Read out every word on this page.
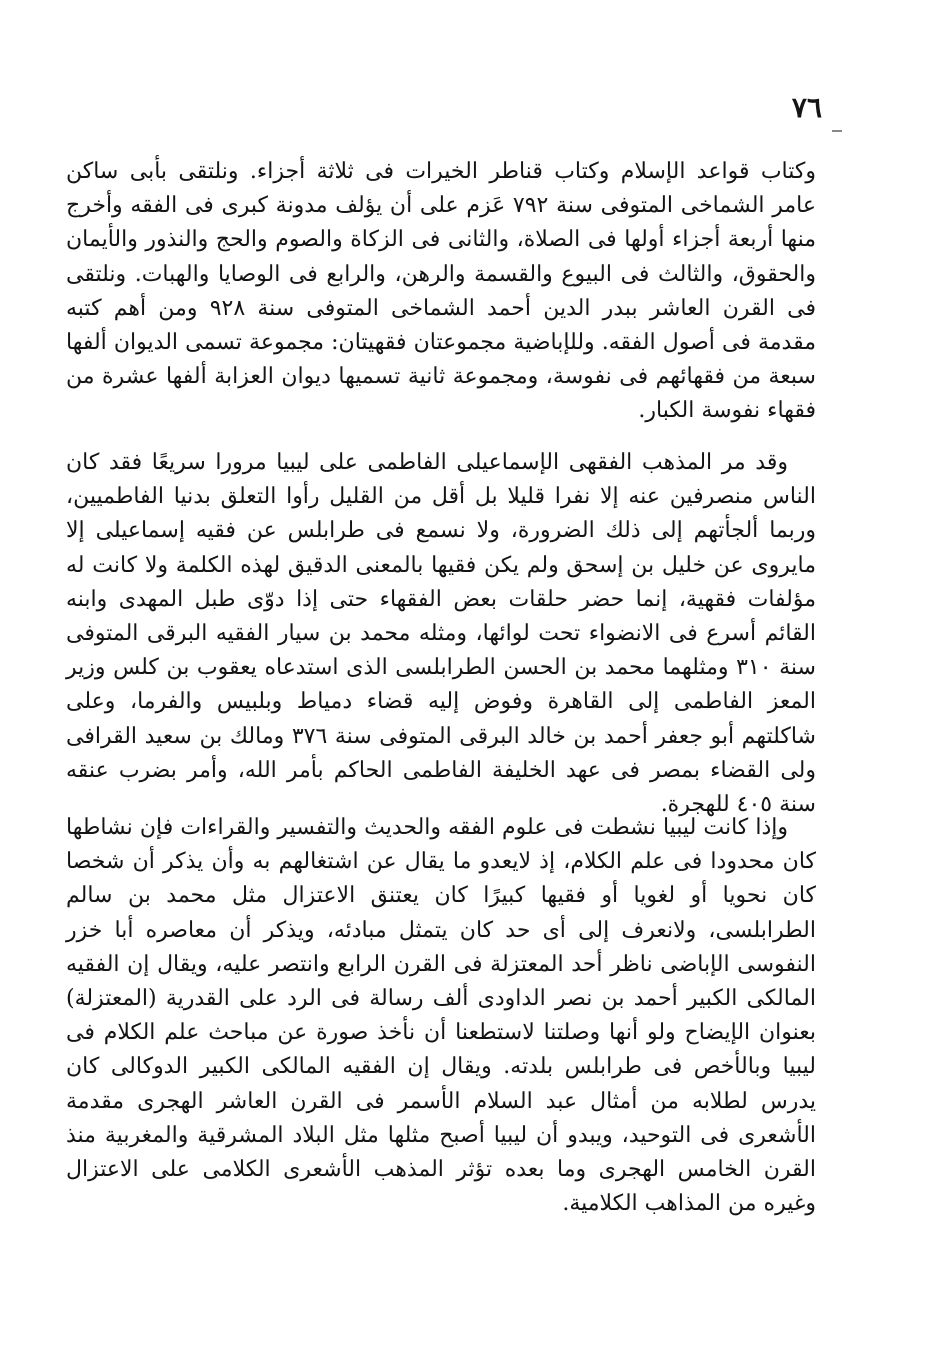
٧٦

وكتاب قواعد الإسلام وكتاب قناطر الخيرات فى ثلاثة أجزاء. ونلتقى بأبى ساكن عامر الشماخى المتوفى سنة ٧٩٢ عَزم على أن يؤلف مدونة كبرى فى الفقه وأخرج منها أربعة أجزاء أولها فى الصلاة، والثانى فى الزكاة والصوم والحج والنذور والأيمان والحقوق، والثالث فى البيوع والقسمة والرهن، والرابع فى الوصايا والهبات. ونلتقى فى القرن العاشر ببدر الدين أحمد الشماخى المتوفى سنة ٩٢٨ ومن أهم كتبه مقدمة فى أصول الفقه. وللإباضية مجموعتان فقهيتان: مجموعة تسمى الديوان ألفها سبعة من فقهائهم فى نفوسة، ومجموعة ثانية تسميها ديوان العزابة ألفها عشرة من فقهاء نفوسة الكبار.

وقد مر المذهب الفقهى الإسماعيلى الفاطمى على ليبيا مرورا سريعًا فقد كان الناس منصرفين عنه إلا نفرا قليلا بل أقل من القليل رأوا التعلق بدنيا الفاطميين، وربما ألجأتهم إلى ذلك الضرورة، ولا نسمع فى طرابلس عن فقيه إسماعيلى إلا مايروى عن خليل بن إسحق ولم يكن فقيها بالمعنى الدقيق لهذه الكلمة ولا كانت له مؤلفات فقهية، إنما حضر حلقات بعض الفقهاء حتى إذا دوّى طبل المهدى وابنه القائم أسرع فى الانضواء تحت لوائها، ومثله محمد بن سيار الفقيه البرقى المتوفى سنة ٣١٠ ومثلهما محمد بن الحسن الطرابلسى الذى استدعاه يعقوب بن كلس وزير المعز الفاطمى إلى القاهرة وفوض إليه قضاء دمياط وبلبيس والفرما، وعلى شاكلتهم أبو جعفر أحمد بن خالد البرقى المتوفى سنة ٣٧٦ ومالك بن سعيد القرافى ولى القضاء بمصر فى عهد الخليفة الفاطمى الحاكم بأمر الله، وأمر بضرب عنقه سنة ٤٠٥ للهجرة.

وإذا كانت ليبيا نشطت فى علوم الفقه والحديث والتفسير والقراءات فإن نشاطها كان محدودا فى علم الكلام، إذ لايعدو ما يقال عن اشتغالهم به وأن يذكر أن شخصا كان نحويا أو لغويا أو فقيها كبيرًا كان يعتنق الاعتزال مثل محمد بن سالم الطرابلسى، ولانعرف إلى أى حد كان يتمثل مبادئه، ويذكر أن معاصره أبا خزر النفوسى الإباضى ناظر أحد المعتزلة فى القرن الرابع وانتصر عليه، ويقال إن الفقيه المالكى الكبير أحمد بن نصر الداودى ألف رسالة فى الرد على القدرية (المعتزلة) بعنوان الإيضاح ولو أنها وصلتنا لاستطعنا أن نأخذ صورة عن مباحث علم الكلام فى ليبيا وبالأخص فى طرابلس بلدته. ويقال إن الفقيه المالكى الكبير الدوكالى كان يدرس لطلابه من أمثال عبد السلام الأسمر فى القرن العاشر الهجرى مقدمة الأشعرى فى التوحيد، ويبدو أن ليبيا أصبح مثلها مثل البلاد المشرقية والمغربية منذ القرن الخامس الهجرى وما بعده تؤثر المذهب الأشعرى الكلامى على الاعتزال وغيره من المذاهب الكلامية.
